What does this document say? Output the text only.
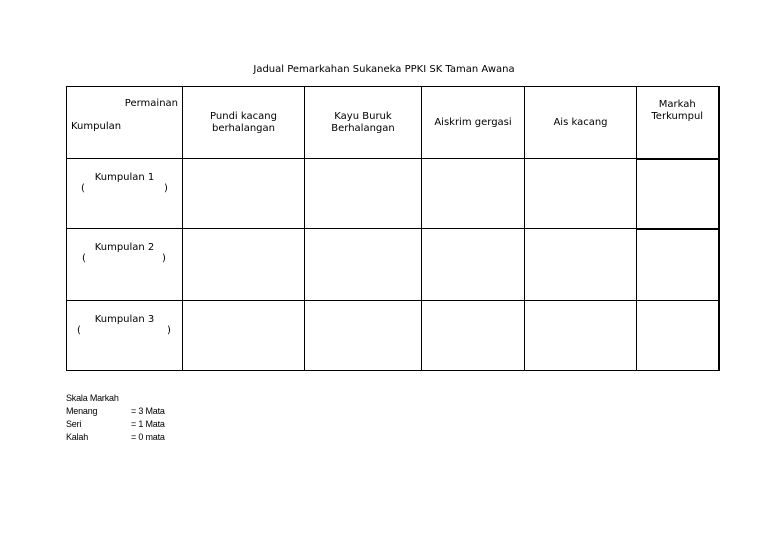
Jadual Pemarkahan Sukaneka PPKI SK Taman Awana
Permainan
Kumpulan	Pundi kacang berhalangan	Kayu Buruk Berhalangan	Aiskrim gergasi	Ais kacang	Markah Terkumpul

Kumpulan 1
( )					

Kumpulan 2
( )					

Kumpulan 3
( )					

Skala Markah
Menang	= 3 Mata
Seri	= 1 Mata
Kalah	= 0 mata
